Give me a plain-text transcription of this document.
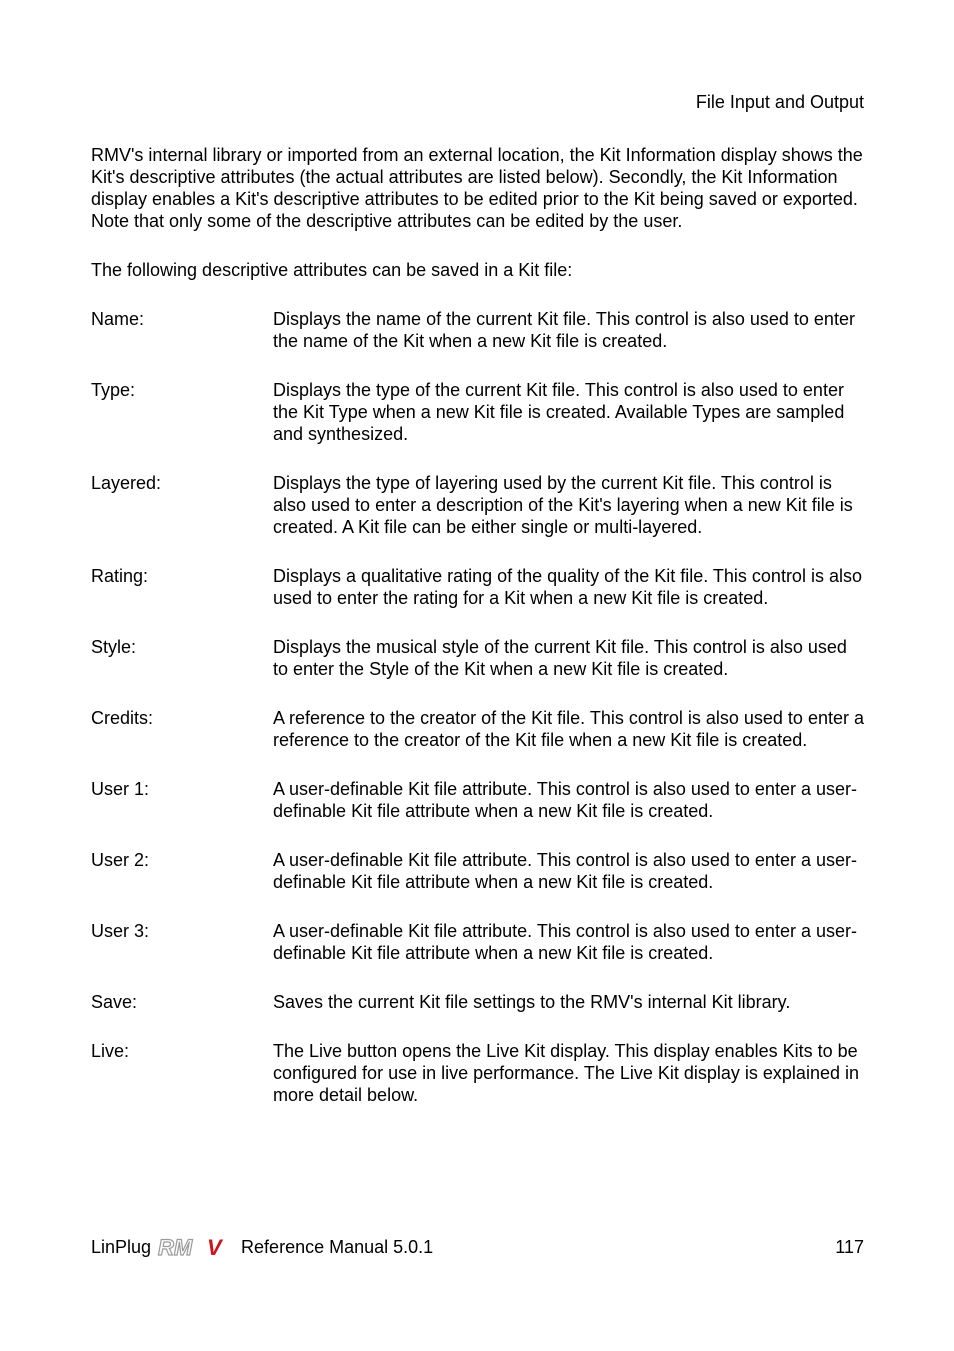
File Input and Output

RMV's internal library or imported from an external location, the Kit Information display shows the Kit's descriptive attributes (the actual attributes are listed below). Secondly, the Kit Information display enables a Kit's descriptive attributes to be edited prior to the Kit being saved or exported. Note that only some of the descriptive attributes can be edited by the user.

The following descriptive attributes can be saved in a Kit file:

Name:	Displays the name of the current Kit file. This control is also used to enter the name of the Kit when a new Kit file is created.
Type:	Displays the type of the current Kit file. This control is also used to enter the Kit Type when a new Kit file is created. Available Types are sampled and synthesized.
Layered:	Displays the type of layering used by the current Kit file. This control is also used to enter a description of the Kit's layering when a new Kit file is created. A Kit file can be either single or multi-layered.
Rating:	Displays a qualitative rating of the quality of the Kit file. This control is also used to enter the rating for a Kit when a new Kit file is created.
Style:	Displays the musical style of the current Kit file. This control is also used to enter the Style of the Kit when a new Kit file is created.
Credits:	A reference to the creator of the Kit file. This control is also used to enter a reference to the creator of the Kit file when a new Kit file is created.
User 1:	A user-definable Kit file attribute. This control is also used to enter a user-definable Kit file attribute when a new Kit file is created.
User 2:	A user-definable Kit file attribute. This control is also used to enter a user-definable Kit file attribute when a new Kit file is created.
User 3:	A user-definable Kit file attribute. This control is also used to enter a user-definable Kit file attribute when a new Kit file is created.
Save:	Saves the current Kit file settings to the RMV's internal Kit library.
Live:	The Live button opens the Live Kit display. This display enables Kits to be configured for use in live performance. The Live Kit display is explained in more detail below.
LinPlug RM V Reference Manual 5.0.1	117
